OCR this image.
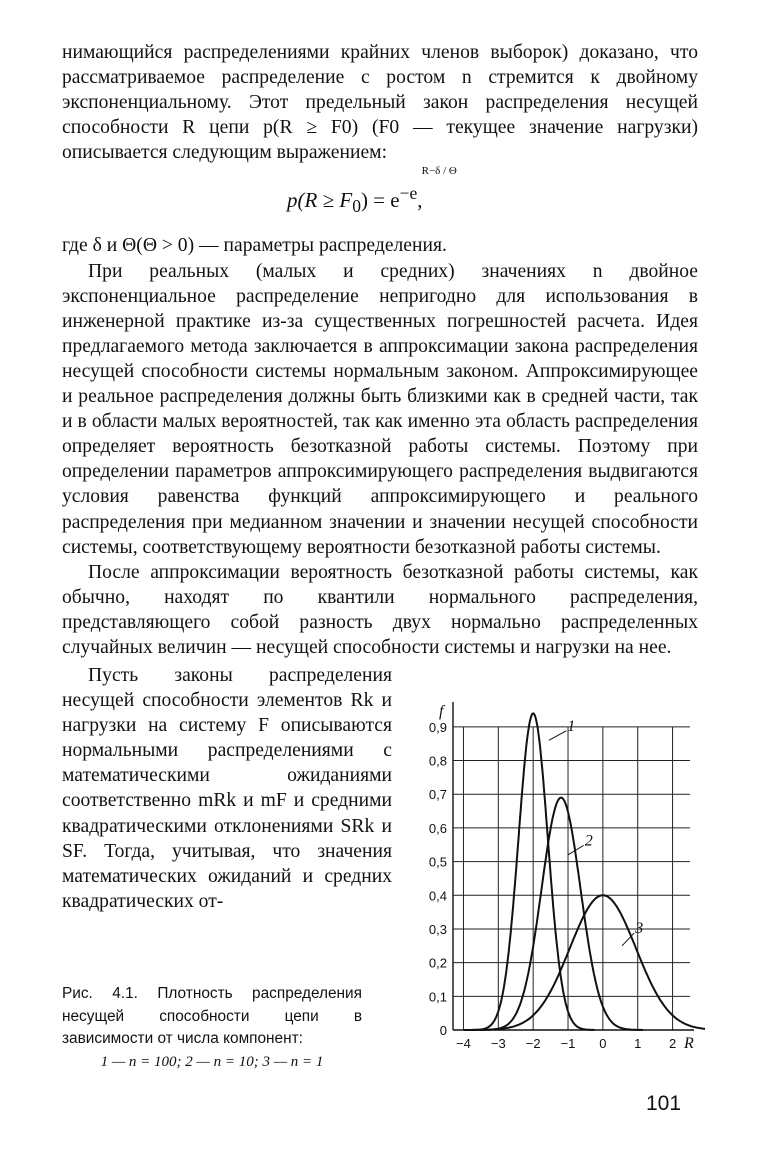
нимающийся распределениями крайних членов выборок) доказано, что рассматриваемое распределение с ростом n стремится к двойному экспоненциальному. Этот предельный закон распределения несущей способности R цепи p(R ≥ F0) (F0 — текущее значение нагрузки) описывается следующим выражением:

$p(R \ge F_0) = e^{-e}$
R−δ / Θ
,

где δ и Θ(Θ > 0) — параметры распределения.

При реальных (малых и средних) значениях n двойное экспоненциальное распределение непригодно для использования в инженерной практике из-за существенных погрешностей расчета. Идея предлагаемого метода заключается в аппроксимации закона распределения несущей способности системы нормальным законом. Аппроксимирующее и реальное распределения должны быть близкими как в средней части, так и в области малых вероятностей, так как именно эта область распределения определяет вероятность безотказной работы системы. Поэтому при определении параметров аппроксимирующего распределения выдвигаются условия равенства функций аппроксимирующего и реального распределения при медианном значении и значении несущей способности системы, соответствующему вероятности безотказной работы системы.

После аппроксимации вероятность безотказной работы системы, как обычно, находят по квантили нормального распределения, представляющего собой разность двух нормально распределенных случайных величин — несущей способности системы и нагрузки на нее.

Пусть законы распределения несущей способности элементов Rk и нагрузки на систему F описываются нормальными распределениями с математическими ожиданиями соответственно mRk и mF и средними квадратическими отклонениями SRk и SF. Тогда, учитывая, что значения математических ожиданий и средних квадратических от-

Рис. 4.1. Плотность распределения несущей способности цепи в зависимости от числа компонент:
1 — n = 100; 2 — n = 10; 3 — n = 1
0
0,1
0,2
0,3
0,4
0,5
0,6
0,7
0,8
0,9
−4 −3 −2 −1 0 1 2
f
R
1
2
3
101
